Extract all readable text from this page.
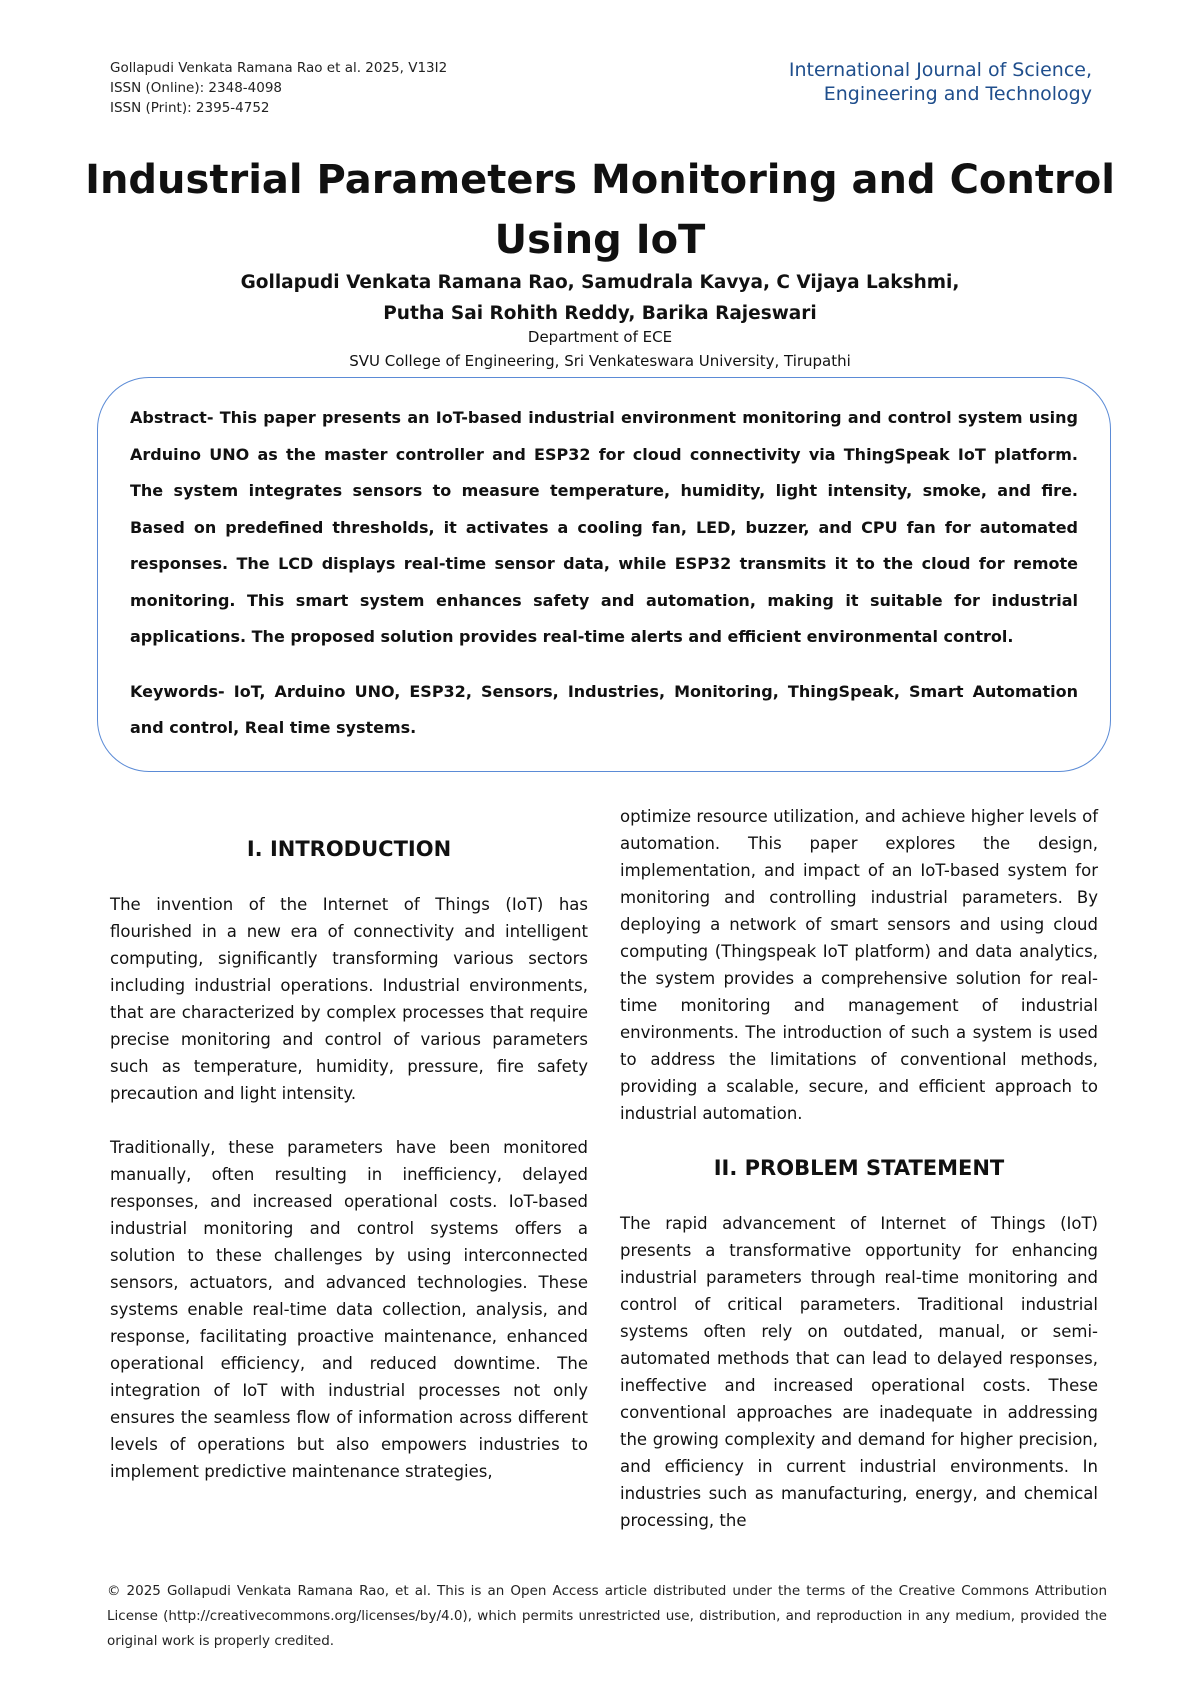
Gollapudi Venkata Ramana Rao et al. 2025, V13I2
ISSN (Online): 2348-4098
ISSN (Print): 2395-4752
International Journal of Science,
Engineering and Technology
Industrial Parameters Monitoring and Control Using IoT
Gollapudi Venkata Ramana Rao, Samudrala Kavya, C Vijaya Lakshmi,
Putha Sai Rohith Reddy, Barika Rajeswari
Department of ECE
SVU College of Engineering, Sri Venkateswara University, Tirupathi

Abstract- This paper presents an IoT-based industrial environment monitoring and control system using Arduino UNO as the master controller and ESP32 for cloud connectivity via ThingSpeak IoT platform. The system integrates sensors to measure temperature, humidity, light intensity, smoke, and fire. Based on predefined thresholds, it activates a cooling fan, LED, buzzer, and CPU fan for automated responses. The LCD displays real-time sensor data, while ESP32 transmits it to the cloud for remote monitoring. This smart system enhances safety and automation, making it suitable for industrial applications. The proposed solution provides real-time alerts and efficient environmental control.

Keywords- IoT, Arduino UNO, ESP32, Sensors, Industries, Monitoring, ThingSpeak, Smart Automation and control, Real time systems.

I. INTRODUCTION

The invention of the Internet of Things (IoT) has flourished in a new era of connectivity and intelligent computing, significantly transforming various sectors including industrial operations. Industrial environments, that are characterized by complex processes that require precise monitoring and control of various parameters such as temperature, humidity, pressure, fire safety precaution and light intensity.

Traditionally, these parameters have been monitored manually, often resulting in inefficiency, delayed responses, and increased operational costs. IoT-based industrial monitoring and control systems offers a solution to these challenges by using interconnected sensors, actuators, and advanced technologies. These systems enable real-time data collection, analysis, and response, facilitating proactive maintenance, enhanced operational efficiency, and reduced downtime. The integration of IoT with industrial processes not only ensures the seamless flow of information across different levels of operations but also empowers industries to implement predictive maintenance strategies,

optimize resource utilization, and achieve higher levels of automation. This paper explores the design, implementation, and impact of an IoT-based system for monitoring and controlling industrial parameters. By deploying a network of smart sensors and using cloud computing (Thingspeak IoT platform) and data analytics, the system provides a comprehensive solution for real-time monitoring and management of industrial environments. The introduction of such a system is used to address the limitations of conventional methods, providing a scalable, secure, and efficient approach to industrial automation.

II. PROBLEM STATEMENT

The rapid advancement of Internet of Things (IoT) presents a transformative opportunity for enhancing industrial parameters through real-time monitoring and control of critical parameters. Traditional industrial systems often rely on outdated, manual, or semi-automated methods that can lead to delayed responses, ineffective and increased operational costs. These conventional approaches are inadequate in addressing the growing complexity and demand for higher precision, and efficiency in current industrial environments. In industries such as manufacturing, energy, and chemical processing, the

© 2025 Gollapudi Venkata Ramana Rao, et al. This is an Open Access article distributed under the terms of the Creative Commons Attribution License (http://creativecommons.org/licenses/by/4.0), which permits unrestricted use, distribution, and reproduction in any medium, provided the original work is properly credited.
